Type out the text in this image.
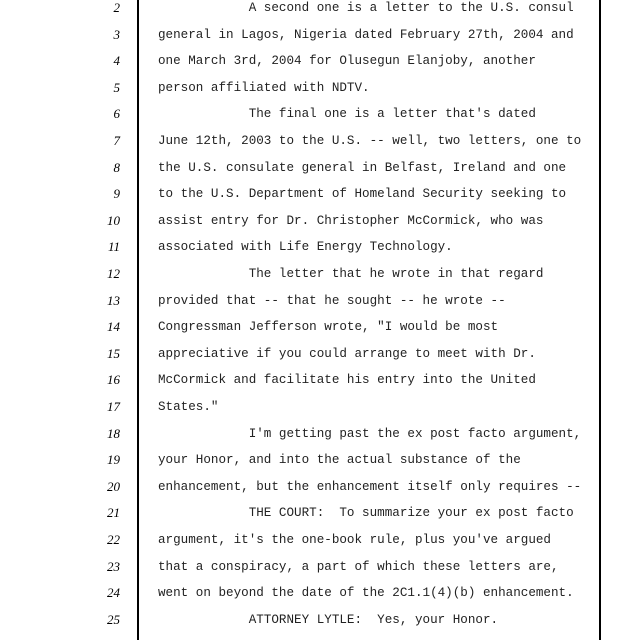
2	A second one is a letter to the U.S. consul
3	general in Lagos, Nigeria dated February 27th, 2004 and
4	one March 3rd, 2004 for Olusegun Elanjoby, another
5	person affiliated with NDTV.
6	The final one is a letter that's dated
7	June 12th, 2003 to the U.S. -- well, two letters, one to
8	the U.S. consulate general in Belfast, Ireland and one
9	to the U.S. Department of Homeland Security seeking to
10	assist entry for Dr. Christopher McCormick, who was
11	associated with Life Energy Technology.
12	The letter that he wrote in that regard
13	provided that -- that he sought -- he wrote --
14	Congressman Jefferson wrote, "I would be most
15	appreciative if you could arrange to meet with Dr.
16	McCormick and facilitate his entry into the United
17	States."
18	I'm getting past the ex post facto argument,
19	your Honor, and into the actual substance of the
20	enhancement, but the enhancement itself only requires --
21	THE COURT:  To summarize your ex post facto
22	argument, it's the one-book rule, plus you've argued
23	that a conspiracy, a part of which these letters are,
24	went on beyond the date of the 2C1.1(4)(b) enhancement.
25	ATTORNEY LYTLE:  Yes, your Honor.
